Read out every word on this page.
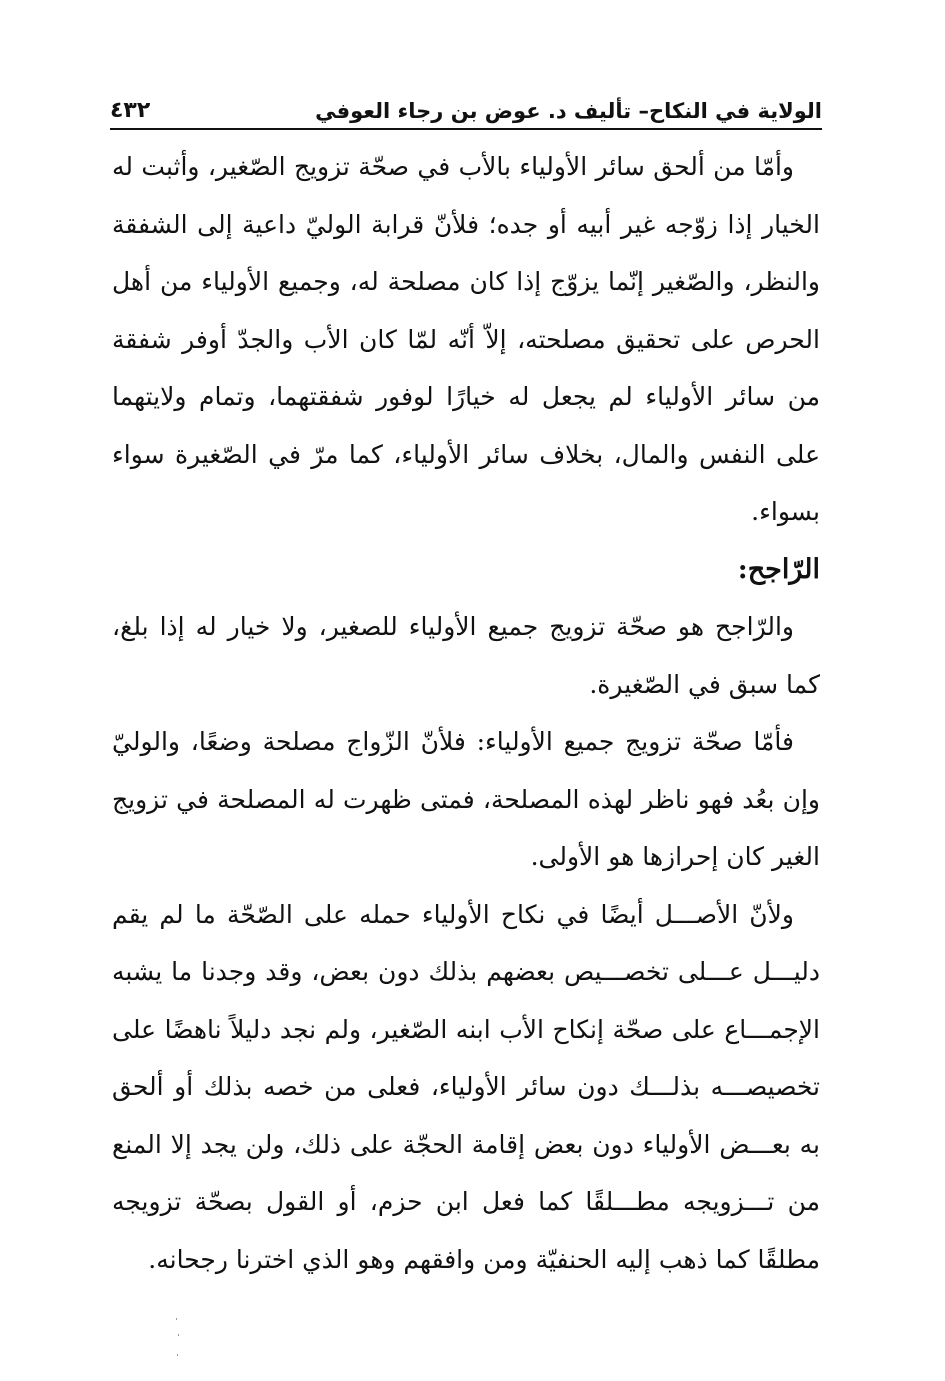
الولاية في النكاح– تأليف د. عوض بن رجاء العوفي
٤٣٢

وأمّا من ألحق سائر الأولياء بالأب في صحّة تزويج الصّغير، وأثبت له الخيار إذا زوّجه غير أبيه أو جده؛ فلأنّ قرابة الوليّ داعية إلى الشفقة والنظر، والصّغير إنّما يزوّج إذا كان مصلحة له، وجميع الأولياء من أهل الحرص على تحقيق مصلحته، إلاّ أنّه لمّا كان الأب والجدّ أوفر شفقة من سائر الأولياء لم يجعل له خيارًا لوفور شفقتهما، وتمام ولايتهما على النفس والمال، بخلاف سائر الأولياء، كما مرّ في الصّغيرة سواء بسواء.

الرّاجح:

والرّاجح هو صحّة تزويج جميع الأولياء للصغير، ولا خيار له إذا بلغ، كما سبق في الصّغيرة.

فأمّا صحّة تزويج جميع الأولياء: فلأنّ الزّواج مصلحة وضعًا، والوليّ وإن بعُد فهو ناظر لهذه المصلحة، فمتى ظهرت له المصلحة في تزويج الغير كان إحرازها هو الأولى.

ولأنّ الأصـــل أيضًا في نكاح الأولياء حمله على الصّحّة ما لم يقم دليـــل عـــلى تخصـــيص بعضهم بذلك دون بعض، وقد وجدنا ما يشبه الإجمـــاع على صحّة إنكاح الأب ابنه الصّغير، ولم نجد دليلاً ناهضًا على تخصيصـــه بذلـــك دون سائر الأولياء، فعلى من خصه بذلك أو ألحق به بعـــض الأولياء دون بعض إقامة الحجّة على ذلك، ولن يجد إلا المنع من تـــزويجه مطـــلقًا كما فعل ابن حزم، أو القول بصحّة تزويجه مطلقًا كما ذهب إليه الحنفيّة ومن وافقهم وهو الذي اخترنا رجحانه.
